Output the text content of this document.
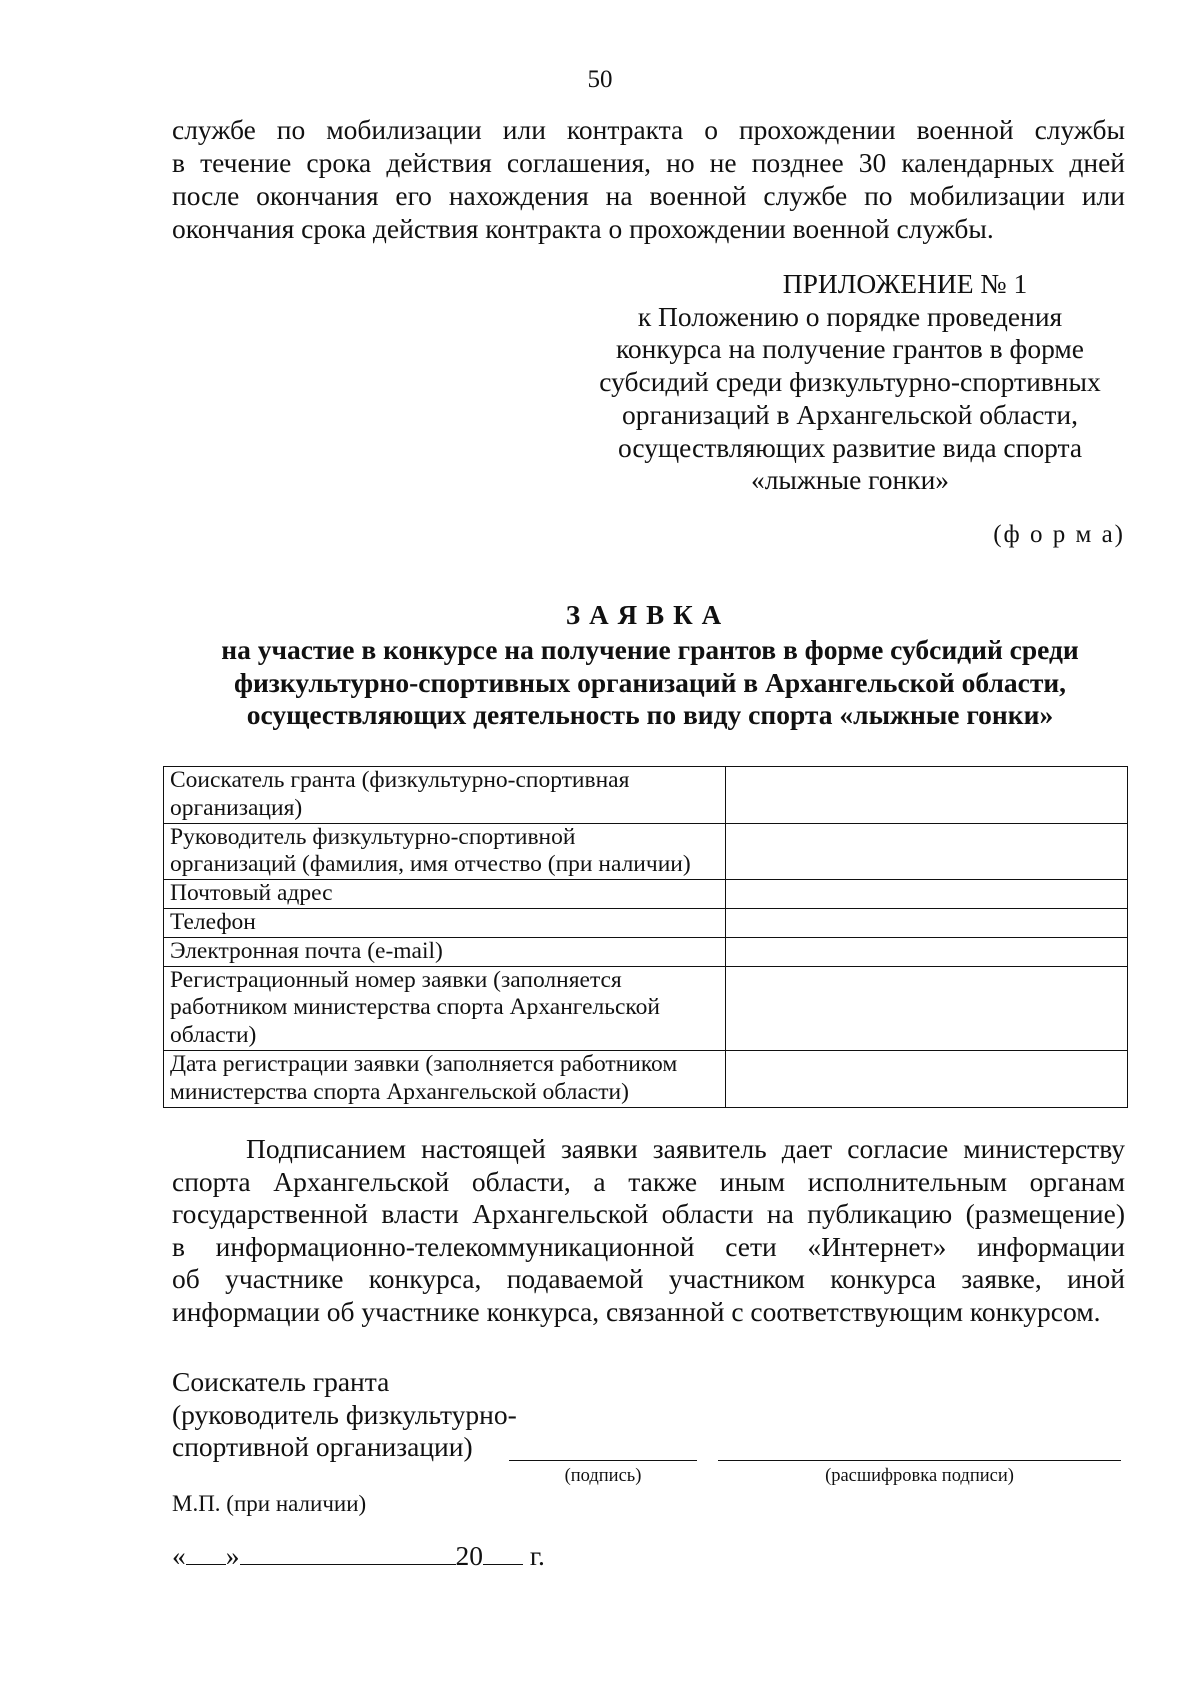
50
службе по мобилизации или контракта о прохождении военной службы
в течение срока действия соглашения, но не позднее 30 календарных дней
после окончания его нахождения на военной службе по мобилизации или
окончания срока действия контракта о прохождении военной службы.
ПРИЛОЖЕНИЕ № 1
к Положению о порядке проведения
конкурса на получение грантов в форме
субсидий среди физкультурно-спортивных
организаций в Архангельской области,
осуществляющих развитие вида спорта
«лыжные гонки»
(ф о р м а)
ЗАЯВКА
на участие в конкурсе на получение грантов в форме субсидий среди
физкультурно-спортивных организаций в Архангельской области,
осуществляющих деятельность по виду спорта «лыжные гонки»
Соискатель гранта (физкультурно-спортивная
организация)	

Руководитель физкультурно-спортивной
организаций (фамилия, имя отчество (при наличии)	

Почтовый адрес	

Телефон	

Электронная почта (e-mail)	

Регистрационный номер заявки (заполняется
работником министерства спорта Архангельской
области)	

Дата регистрации заявки (заполняется работником
министерства спорта Архангельской области)	

Подписанием настоящей заявки заявитель дает согласие министерству
спорта Архангельской области, а также иным исполнительным органам
государственной власти Архангельской области на публикацию (размещение)
в информационно-телекоммуникационной сети «Интернет» информации
об участнике конкурса, подаваемой участником конкурса заявке, иной
информации об участнике конкурса, связанной с соответствующим конкурсом.
Соискатель гранта
(руководитель физкультурно-
спортивной организации)
(подпись)	(расшифровка подписи)
М.П. (при наличии)
« »	20 г.
